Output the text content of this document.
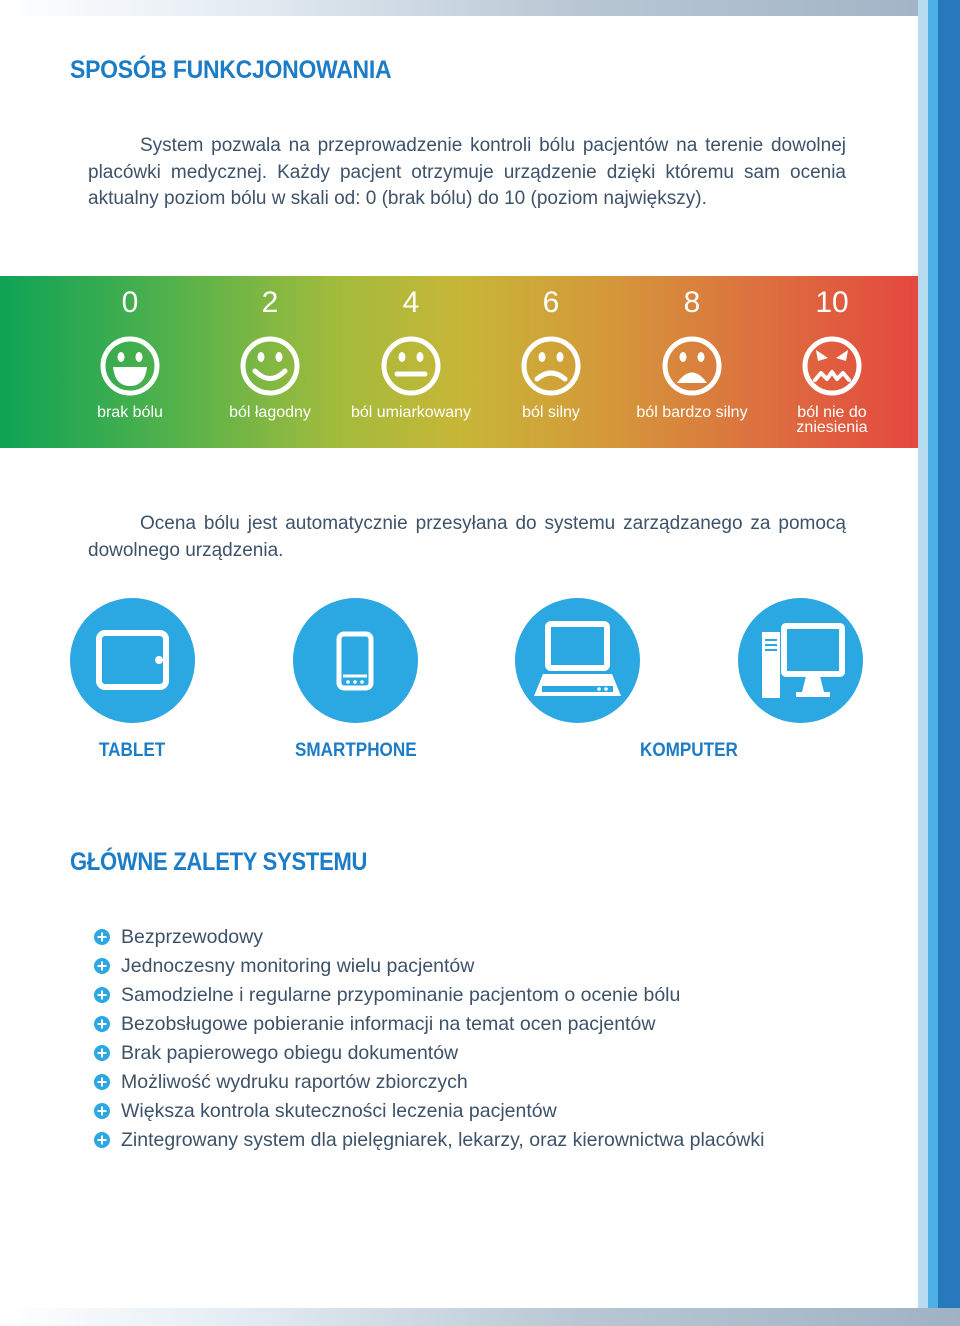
SPOSÓB FUNKCJONOWANIA

System pozwala na przeprowadzenie kontroli bólu pacjentów na terenie dowolnej placówki medycznej. Każdy pacjent otrzymuje urządzenie dzięki któremu sam ocenia aktualny poziom bólu w skali od: 0 (brak bólu) do 10 (poziom największy).

0
brak bólu
2
ból łagodny
4
ból umiarkowany
6
ból silny
8
ból bardzo silny
10
ból nie do zniesienia

Ocena bólu jest automatycznie przesyłana do systemu zarządzanego za pomocą dowolnego urządzenia.

TABLET	SMARTPHONE	KOMPUTER
GŁÓWNE ZALETY SYSTEMU
Bezprzewodowy
Jednoczesny monitoring wielu pacjentów
Samodzielne i regularne przypominanie pacjentom o ocenie bólu
Bezobsługowe pobieranie informacji na temat ocen pacjentów
Brak papierowego obiegu dokumentów
Możliwość wydruku raportów zbiorczych
Większa kontrola skuteczności leczenia pacjentów
Zintegrowany system dla pielęgniarek, lekarzy, oraz kierownictwa placówki
